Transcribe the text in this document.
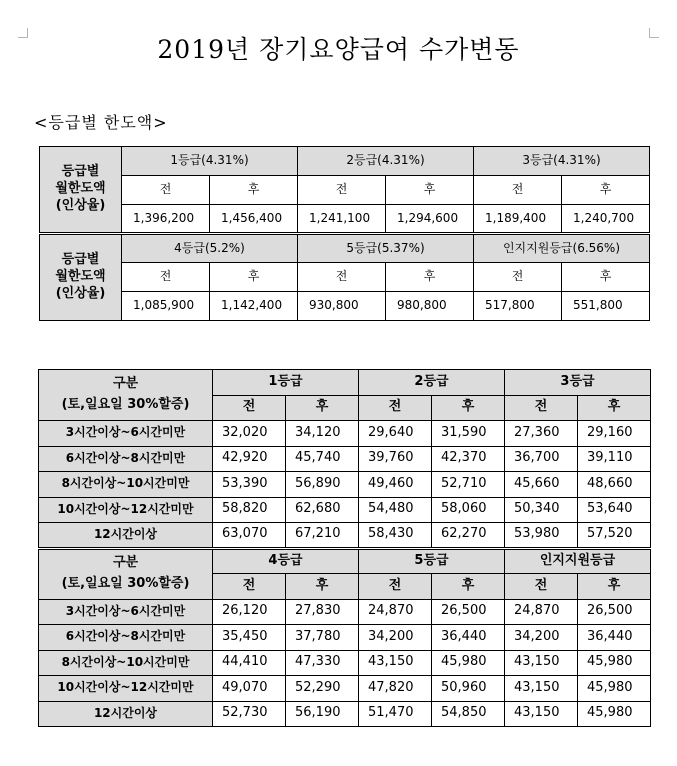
2019년 장기요양급여 수가변동
<등급별 한도액>
등급별
월한도액
(인상율)	1등급(4.31%)		2등급(4.31%)		3등급(4.31%)	
	전	후	전	후	전	후
	1,396,200	1,456,400	1,241,100	1,294,600	1,189,400	1,240,700

등급별
월한도액
(인상율)	4등급(5.2%)		5등급(5.37%)		인지지원등급(6.56%)	
	전	후	전	후	전	후
	1,085,900	1,142,400	930,800	980,800	517,800	551,800
구분
(토,일요일 30%할증)	1등급		2등급		3등급	
	전	후	전	후	전	후
3시간이상~6시간미만	32,020	34,120	29,640	31,590	27,360	29,160
6시간이상~8시간미만	42,920	45,740	39,760	42,370	36,700	39,110
8시간이상~10시간미만	53,390	56,890	49,460	52,710	45,660	48,660
10시간이상~12시간미만	58,820	62,680	54,480	58,060	50,340	53,640
12시간이상	63,070	67,210	58,430	62,270	53,980	57,520

구분
(토,일요일 30%할증)	4등급		5등급		인지지원등급	
	전	후	전	후	전	후
3시간이상~6시간미만	26,120	27,830	24,870	26,500	24,870	26,500
6시간이상~8시간미만	35,450	37,780	34,200	36,440	34,200	36,440
8시간이상~10시간미만	44,410	47,330	43,150	45,980	43,150	45,980
10시간이상~12시간미만	49,070	52,290	47,820	50,960	43,150	45,980
12시간이상	52,730	56,190	51,470	54,850	43,150	45,980
